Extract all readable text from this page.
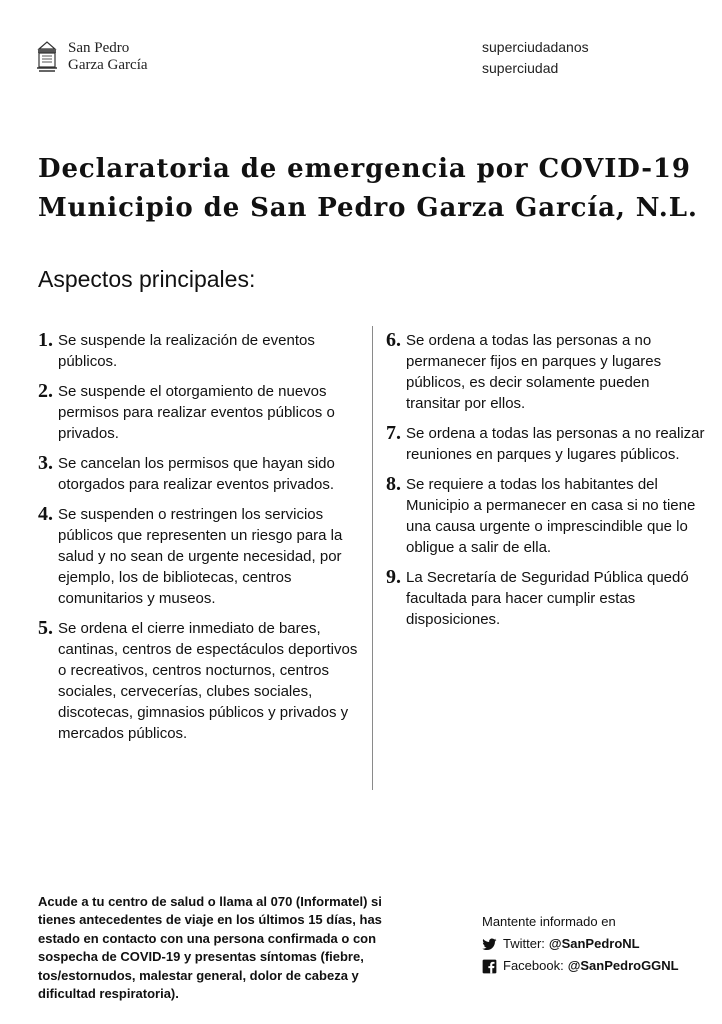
San Pedro
Garza García
superciudadanos
superciudad
Declaratoria de emergencia por COVID-19
Municipio de San Pedro Garza García, N.L.
Aspectos principales:
1. Se suspende la realización de eventos públicos.
2. Se suspende el otorgamiento de nuevos permisos para realizar eventos públicos o privados.
3. Se cancelan los permisos que hayan sido otorgados para realizar eventos privados.
4. Se suspenden o restringen los servicios públicos que representen un riesgo para la salud y no sean de urgente necesidad, por ejemplo, los de bibliotecas, centros comunitarios y museos.
5. Se ordena el cierre inmediato de bares, cantinas, centros de espectáculos deportivos o recreativos, centros nocturnos, centros sociales, cervecerías, clubes sociales, discotecas, gimnasios públicos y privados y mercados públicos.
6. Se ordena a todas las personas a no permanecer fijos en parques y lugares públicos, es decir solamente pueden transitar por ellos.
7. Se ordena a todas las personas a no realizar reuniones en parques y lugares públicos.
8. Se requiere a todas los habitantes del Municipio a permanecer en casa si no tiene una causa urgente o imprescindible que lo obligue a salir de ella.
9. La Secretaría de Seguridad Pública quedó facultada para hacer cumplir estas disposiciones.
Acude a tu centro de salud o llama al 070 (Informatel) si tienes antecedentes de viaje en los últimos 15 días, has estado en contacto con una persona confirmada o con sospecha de COVID-19 y presentas síntomas (fiebre, tos/estornudos, malestar general, dolor de cabeza y dificultad respiratoria).
Mantente informado en
Twitter: @SanPedroNL
Facebook: @SanPedroGGNL
